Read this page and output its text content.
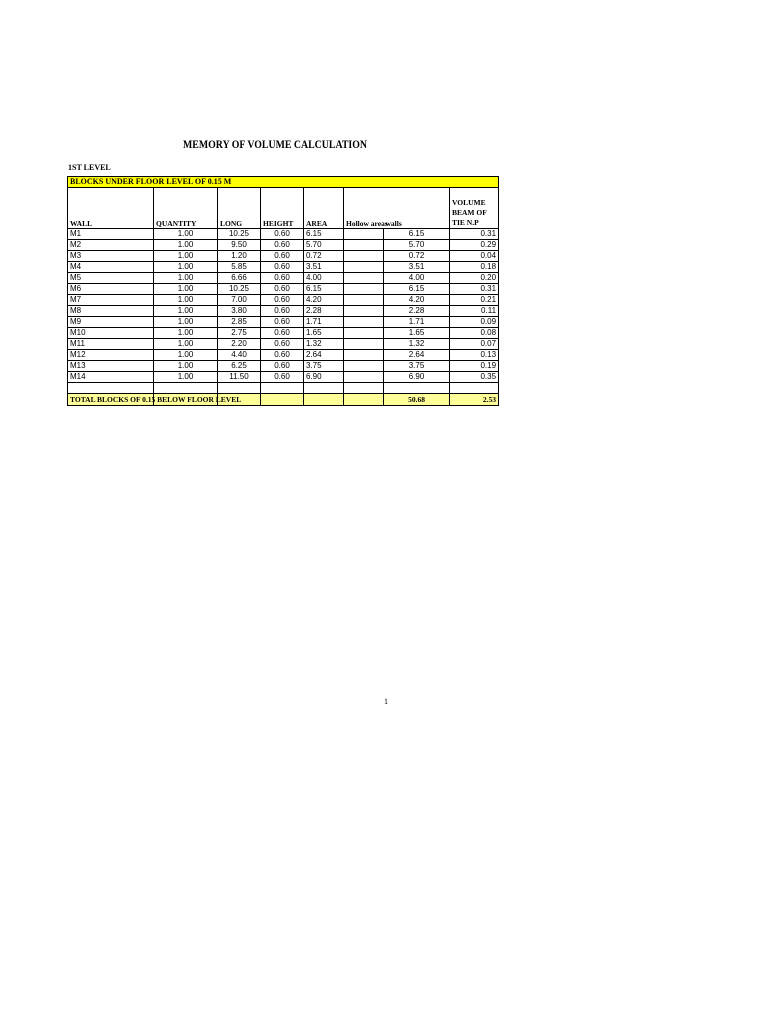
MEMORY OF VOLUME CALCULATION
1ST LEVEL
BLOCKS UNDER FLOOR LEVEL OF 0.15 M							
WALL	QUANTITY	LONG	HEIGHT	AREA	Hollow areas	walls	VOLUME BEAM OF TIE N.P
M1	1.00	10.25	0.60	6.15		6.15	0.31
M2	1.00	9.50	0.60	5.70		5.70	0.29
M3	1.00	1.20	0.60	0.72		0.72	0.04
M4	1.00	5.85	0.60	3.51		3.51	0.18
M5	1.00	6.66	0.60	4.00		4.00	0.20
M6	1.00	10.25	0.60	6.15		6.15	0.31
M7	1.00	7.00	0.60	4.20		4.20	0.21
M8	1.00	3.80	0.60	2.28		2.28	0.11
M9	1.00	2.85	0.60	1.71		1.71	0.09
M10	1.00	2.75	0.60	1.65		1.65	0.08
M11	1.00	2.20	0.60	1.32		1.32	0.07
M12	1.00	4.40	0.60	2.64		2.64	0.13
M13	1.00	6.25	0.60	3.75		3.75	0.19
M14	1.00	11.50	0.60	6.90		6.90	0.35

TOTAL BLOCKS OF 0.15 BELOW FLOOR LEVEL						50.68	2.53
1
